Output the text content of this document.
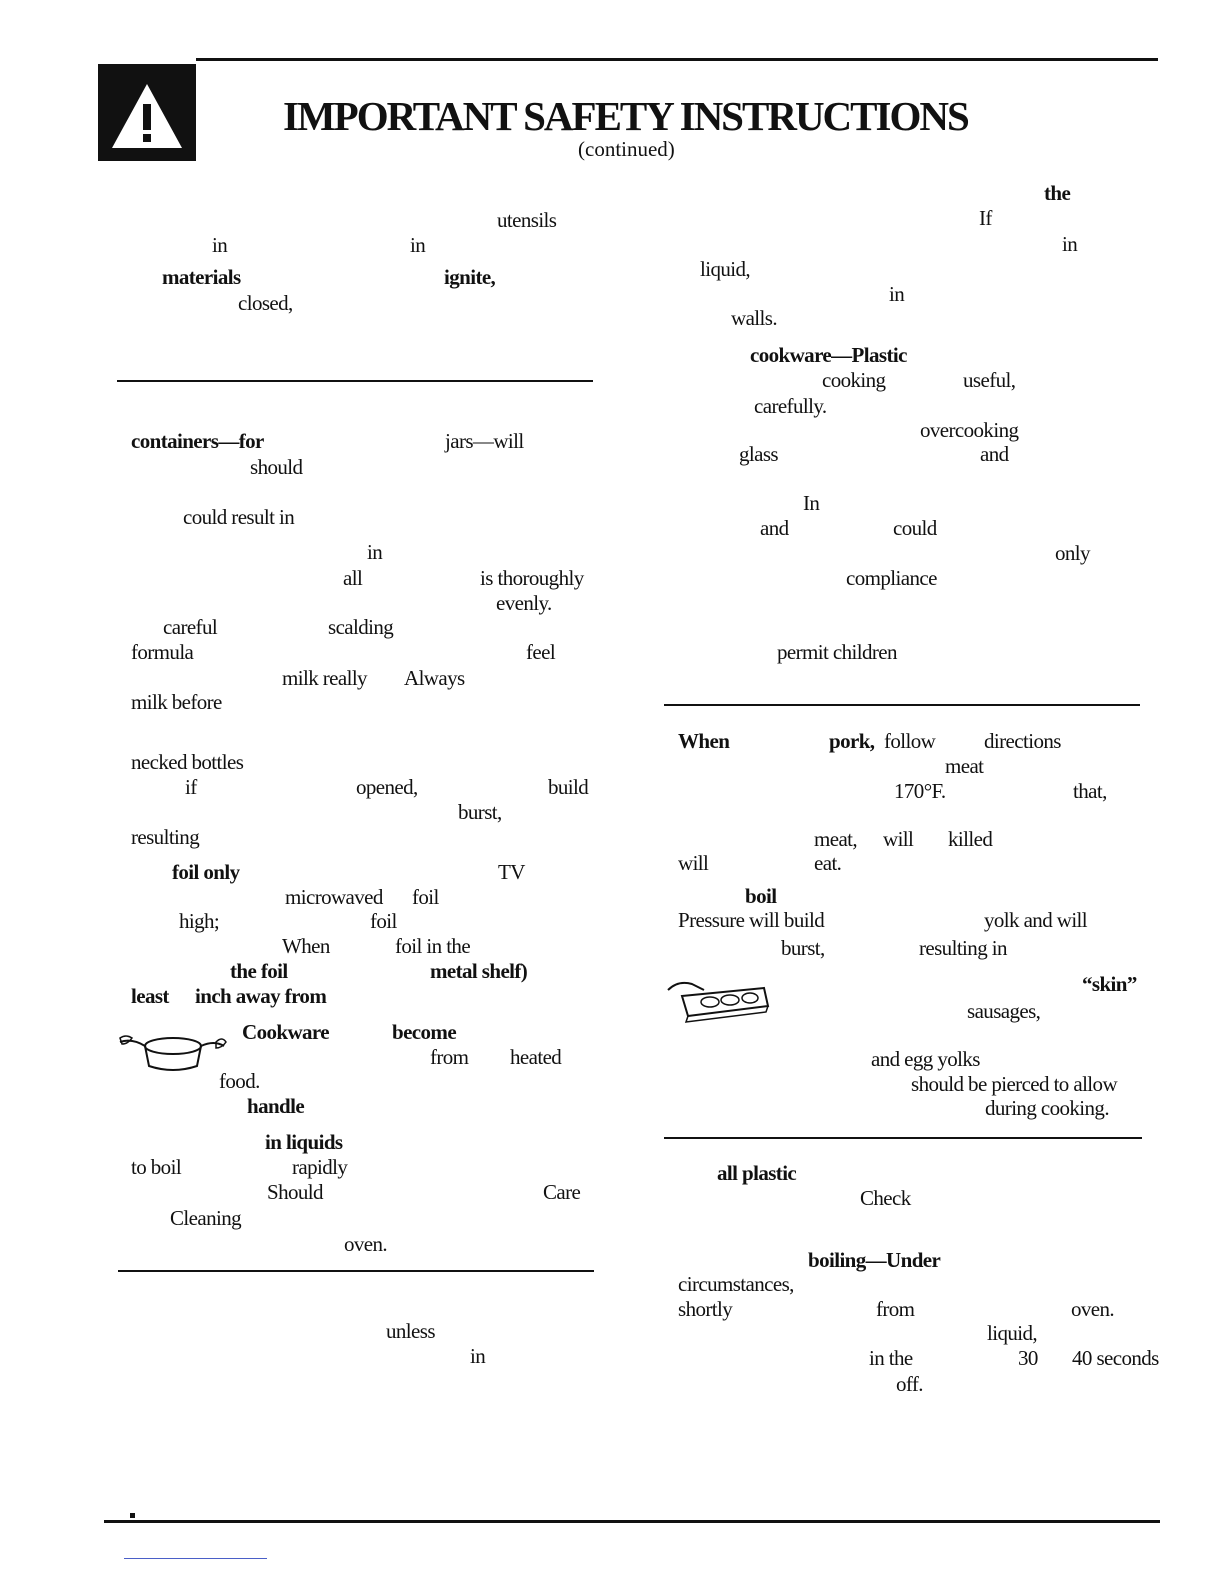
IMPORTANT SAFETY INSTRUCTIONS
(continued)
utensils
in	in
materials	ignite,
closed,
containers—for	jars—will
should
could result in
in
all	is thoroughly
evenly.
careful	scalding
formula	feel
milk really Always
milk before
necked bottles
if	opened,	build
burst,
resulting
foil only	TV
microwaved foil
high;	foil
When	foil in the
the foil	metal shelf)
least inch away from
Cookware	become
from heated
food.
handle
in liquids
to boil	rapidly
Should	Care
Cleaning
oven.
unless
in
the
If
in
liquid,
in
walls.
cookware—Plastic
cooking	useful,
carefully.
overcooking
glass	and
In
and	could
only
compliance
permit children
When	pork, follow directions
meat
170°F.	that,
meat, will killed
will	eat.
boil
Pressure will build	yolk and will
burst,	resulting in
“skin”
sausages,
and egg yolks
should be pierced to allow
during cooking.
all plastic
Check
boiling—Under
circumstances,
shortly	from	oven.
liquid,
in the	30 40 seconds
off.
